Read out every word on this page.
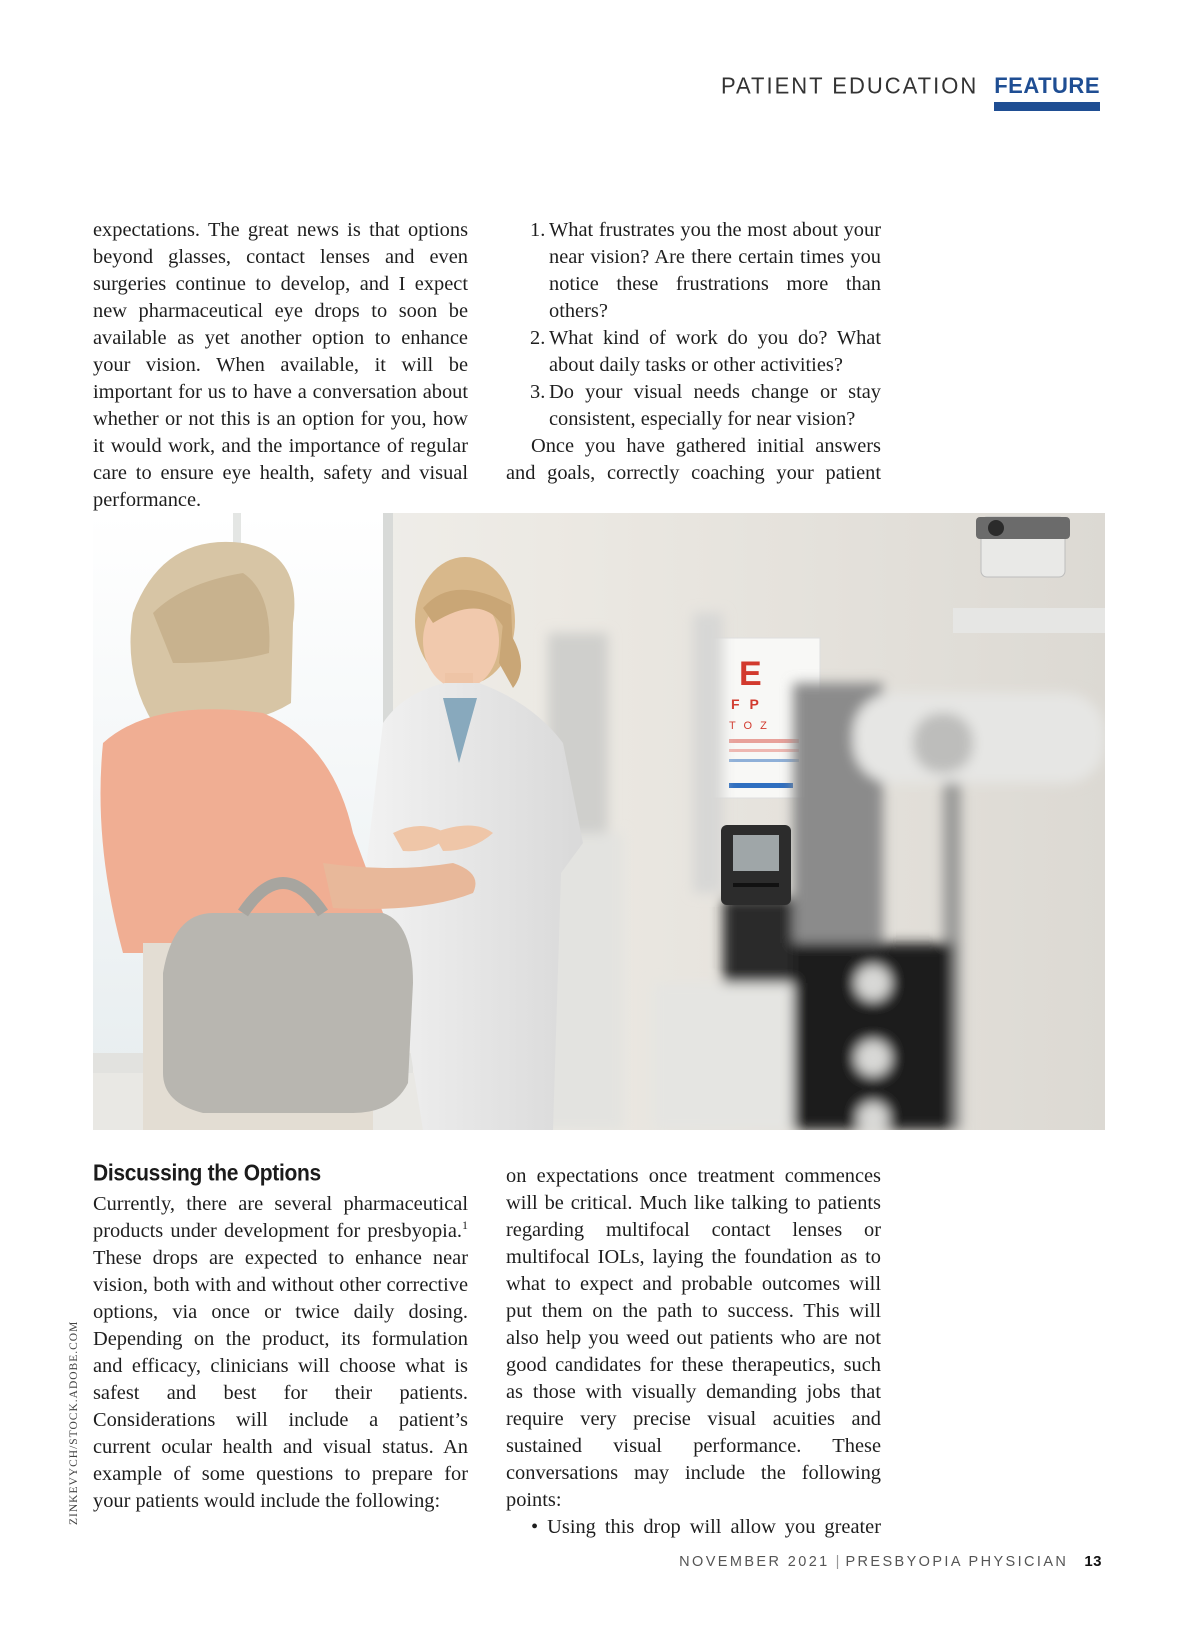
PATIENT EDUCATION FEATURE

expectations. The great news is that options beyond glasses, contact lenses and even surgeries continue to develop, and I expect new pharmaceutical eye drops to soon be available as yet another option to enhance your vision. When available, it will be important for us to have a conversation about whether or not this is an option for you, how it would work, and the importance of regular care to ensure eye health, safety and visual performance.

1. What frustrates you the most about your near vision? Are there certain times you notice these frustrations more than others?
2. What kind of work do you do? What about daily tasks or other activities?
3. Do your visual needs change or stay consistent, especially for near vision?

Once you have gathered initial answers and goals, correctly coaching your patient

E
FP
TOZ
ZINKEVYCH/STOCK.ADOBE.COM
Discussing the Options

Currently, there are several pharmaceutical products under development for presbyopia.$^1$ These drops are expected to enhance near vision, both with and without other corrective options, via once or twice daily dosing. Depending on the product, its formulation and efficacy, clinicians will choose what is safest and best for their patients. Considerations will include a patient’s current ocular health and visual status. An example of some questions to prepare for your patients would include the following:

on expectations once treatment commences will be critical. Much like talking to patients regarding multifocal contact lenses or multifocal IOLs, laying the foundation as to what to expect and probable outcomes will put them on the path to success. This will also help you weed out patients who are not good candidates for these therapeutics, such as those with visually demanding jobs that require very precise visual acuities and sustained visual performance. These conversations may include the following points:

• Using this drop will allow you greater

NOVEMBER 2021 | PRESBYOPIA PHYSICIAN 13
